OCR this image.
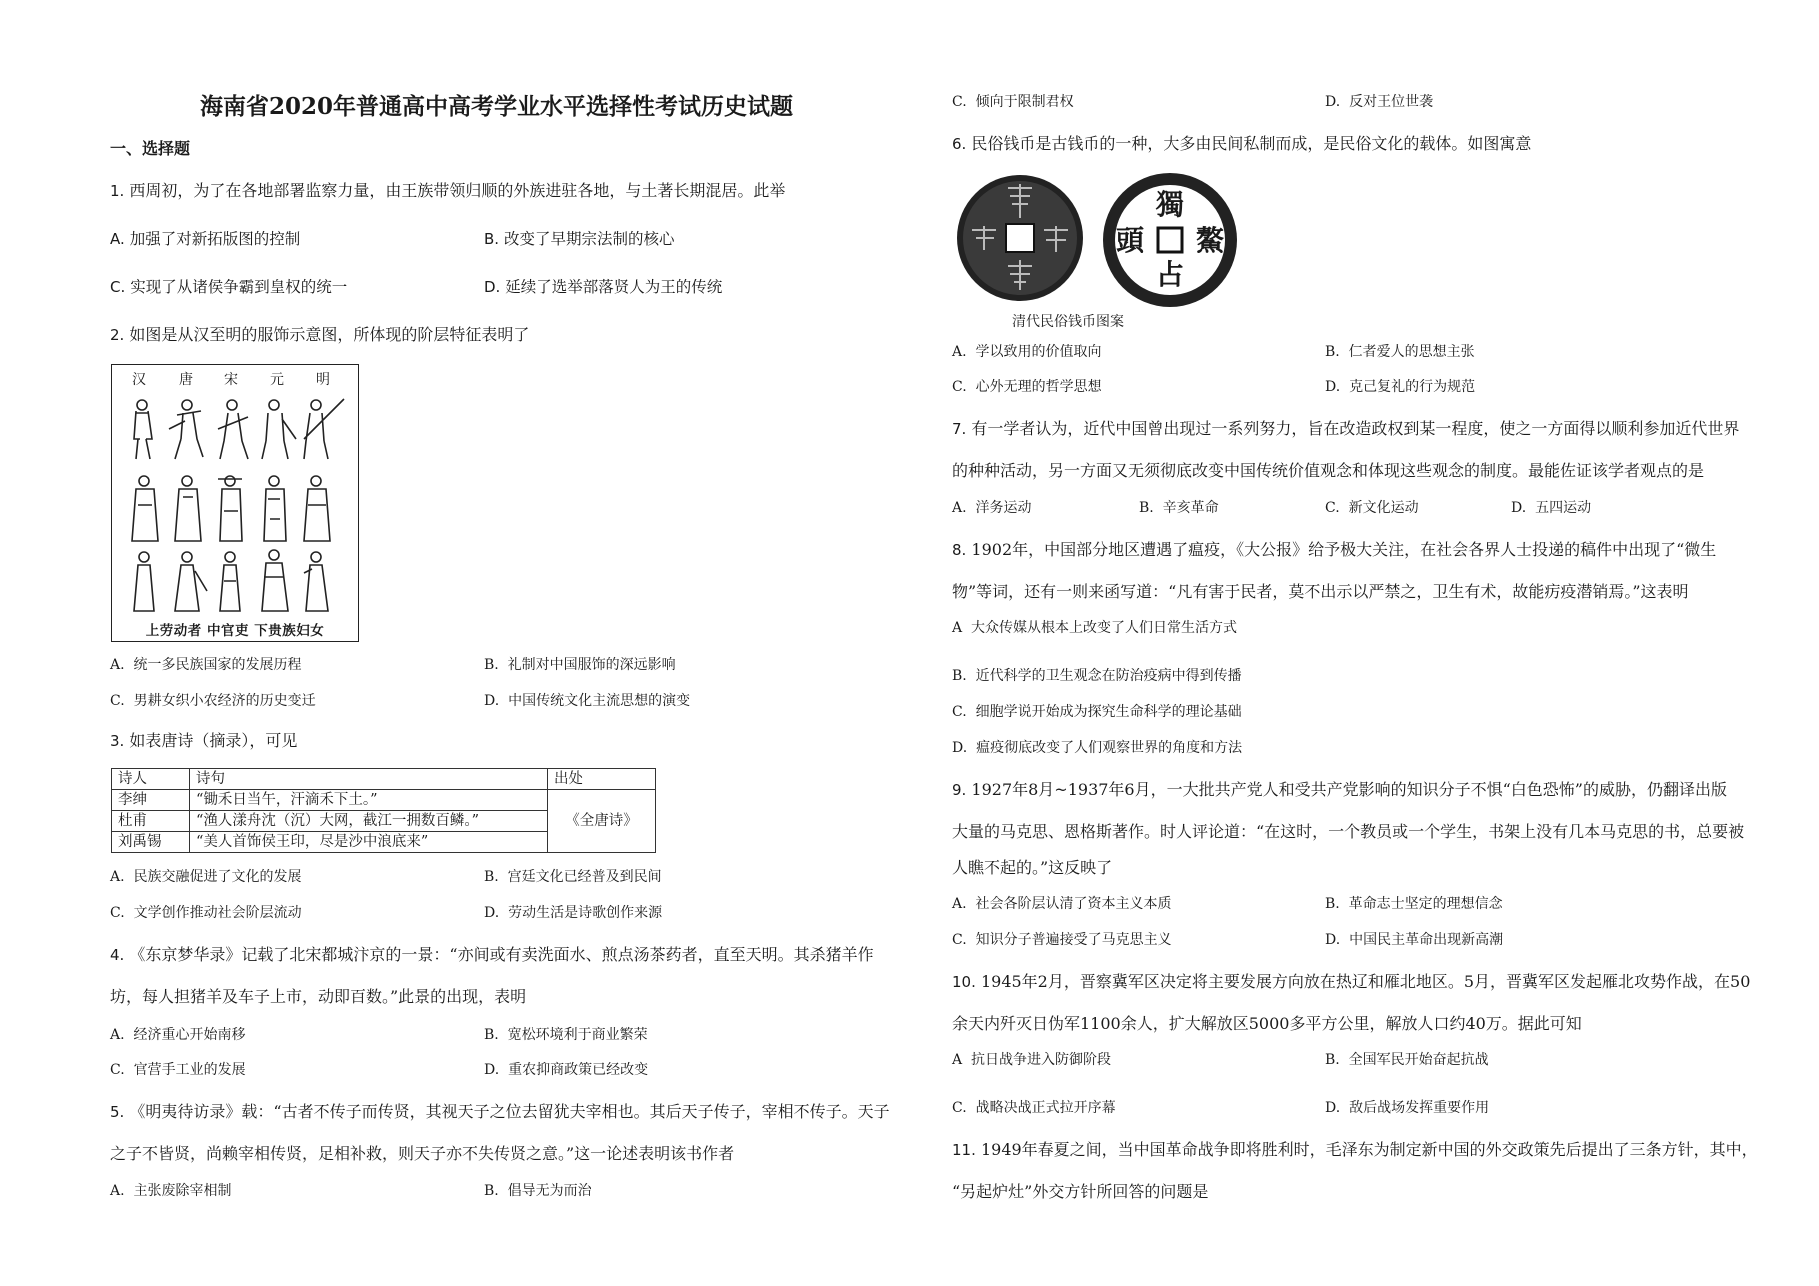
海南省2020年普通高中高考学业水平选择性考试历史试题
一、选择题
1. 西周初，为了在各地部署监察力量，由王族带领归顺的外族进驻各地，与土著长期混居。此举
A. 加强了对新拓版图的控制	B. 改变了早期宗法制的核心
C. 实现了从诸侯争霸到皇权的统一	D. 延续了选举部落贤人为王的传统
2. 如图是从汉至明的服饰示意图，所体现的阶层特征表明了
汉 唐 宋 元 明
上劳动者 中官吏 下贵族妇女
A. 统一多民族国家的发展历程	B. 礼制对中国服饰的深远影响
C. 男耕女织小农经济的历史变迁	D. 中国传统文化主流思想的演变
3. 如表唐诗（摘录），可见
诗人	诗句	出处
李绅	“锄禾日当午，汗滴禾下土。”	《全唐诗》
杜甫	“渔人漾舟沈（沉）大网，截江一拥数百鳞。”	
刘禹锡	“美人首饰侯王印，尽是沙中浪底来”	
A. 民族交融促进了文化的发展	B. 宫廷文化已经普及到民间
C. 文学创作推动社会阶层流动	D. 劳动生活是诗歌创作来源
4. 《东京梦华录》记载了北宋都城汴京的一景：“亦间或有卖洗面水、煎点汤茶药者，直至天明。其杀猪羊作
坊，每人担猪羊及车子上市，动即百数。”此景的出现，表明
A. 经济重心开始南移	B. 宽松环境利于商业繁荣
C. 官营手工业的发展	D. 重农抑商政策已经改变
5. 《明夷待访录》载：“古者不传子而传贤，其视天子之位去留犹夫宰相也。其后天子传子，宰相不传子。天子
之子不皆贤，尚赖宰相传贤，足相补救，则天子亦不失传贤之意。”这一论述表明该书作者
A. 主张废除宰相制	B. 倡导无为而治
C. 倾向于限制君权	D. 反对王位世袭
6. 民俗钱币是古钱币的一种，大多由民间私制而成，是民俗文化的载体。如图寓意
獨
鰲
占
頭
清代民俗钱币图案
A. 学以致用的价值取向	B. 仁者爱人的思想主张
C. 心外无理的哲学思想	D. 克己复礼的行为规范
7. 有一学者认为，近代中国曾出现过一系列努力，旨在改造政权到某一程度，使之一方面得以顺利参加近代世界
的种种活动，另一方面又无须彻底改变中国传统价值观念和体现这些观念的制度。最能佐证该学者观点的是
A. 洋务运动	B. 辛亥革命	C. 新文化运动	D. 五四运动
8. 1902年，中国部分地区遭遇了瘟疫，《大公报》给予极大关注，在社会各界人士投递的稿件中出现了“微生
物”等词，还有一则来函写道：“凡有害于民者，莫不出示以严禁之，卫生有术，故能疠疫潜销焉。”这表明
A 大众传媒从根本上改变了人们日常生活方式
B. 近代科学的卫生观念在防治疫病中得到传播
C. 细胞学说开始成为探究生命科学的理论基础
D. 瘟疫彻底改变了人们观察世界的角度和方法
9. 1927年8月~1937年6月，一大批共产党人和受共产党影响的知识分子不惧“白色恐怖”的威胁，仍翻译出版
大量的马克思、恩格斯著作。时人评论道：“在这时，一个教员或一个学生，书架上没有几本马克思的书，总要被
人瞧不起的。”这反映了
A. 社会各阶层认清了资本主义本质	B. 革命志士坚定的理想信念
C. 知识分子普遍接受了马克思主义	D. 中国民主革命出现新高潮
10. 1945年2月，晋察冀军区决定将主要发展方向放在热辽和雁北地区。5月，晋冀军区发起雁北攻势作战，在50
余天内歼灭日伪军1100余人，扩大解放区5000多平方公里，解放人口约40万。据此可知
A 抗日战争进入防御阶段	B. 全国军民开始奋起抗战
C. 战略决战正式拉开序幕	D. 敌后战场发挥重要作用
11. 1949年春夏之间，当中国革命战争即将胜利时，毛泽东为制定新中国的外交政策先后提出了三条方针，其中，
“另起炉灶”外交方针所回答的问题是
